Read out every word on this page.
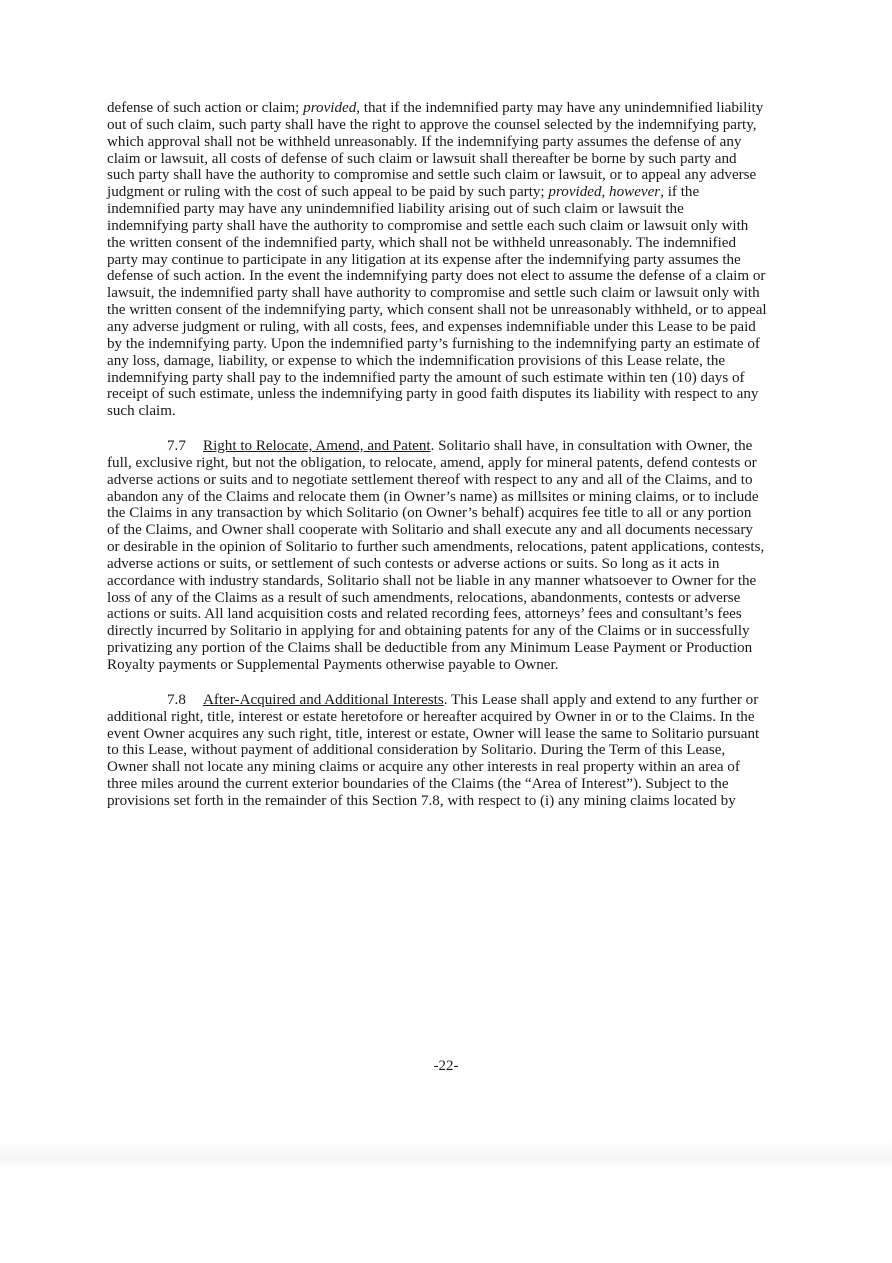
defense of such action or claim; provided, that if the indemnified party may have any unindemnified liability out of such claim, such party shall have the right to approve the counsel selected by the indemnifying party, which approval shall not be withheld unreasonably. If the indemnifying party assumes the defense of any claim or lawsuit, all costs of defense of such claim or lawsuit shall thereafter be borne by such party and such party shall have the authority to compromise and settle such claim or lawsuit, or to appeal any adverse judgment or ruling with the cost of such appeal to be paid by such party; provided, however, if the indemnified party may have any unindemnified liability arising out of such claim or lawsuit the indemnifying party shall have the authority to compromise and settle each such claim or lawsuit only with the written consent of the indemnified party, which shall not be withheld unreasonably. The indemnified party may continue to participate in any litigation at its expense after the indemnifying party assumes the defense of such action. In the event the indemnifying party does not elect to assume the defense of a claim or lawsuit, the indemnified party shall have authority to compromise and settle such claim or lawsuit only with the written consent of the indemnifying party, which consent shall not be unreasonably withheld, or to appeal any adverse judgment or ruling, with all costs, fees, and expenses indemnifiable under this Lease to be paid by the indemnifying party. Upon the indemnified party’s furnishing to the indemnifying party an estimate of any loss, damage, liability, or expense to which the indemnification provisions of this Lease relate, the indemnifying party shall pay to the indemnified party the amount of such estimate within ten (10) days of receipt of such estimate, unless the indemnifying party in good faith disputes its liability with respect to any such claim.

7.7 Right to Relocate, Amend, and Patent. Solitario shall have, in consultation with Owner, the full, exclusive right, but not the obligation, to relocate, amend, apply for mineral patents, defend contests or adverse actions or suits and to negotiate settlement thereof with respect to any and all of the Claims, and to abandon any of the Claims and relocate them (in Owner’s name) as millsites or mining claims, or to include the Claims in any transaction by which Solitario (on Owner’s behalf) acquires fee title to all or any portion of the Claims, and Owner shall cooperate with Solitario and shall execute any and all documents necessary or desirable in the opinion of Solitario to further such amendments, relocations, patent applications, contests, adverse actions or suits, or settlement of such contests or adverse actions or suits. So long as it acts in accordance with industry standards, Solitario shall not be liable in any manner whatsoever to Owner for the loss of any of the Claims as a result of such amendments, relocations, abandonments, contests or adverse actions or suits. All land acquisition costs and related recording fees, attorneys’ fees and consultant’s fees directly incurred by Solitario in applying for and obtaining patents for any of the Claims or in successfully privatizing any portion of the Claims shall be deductible from any Minimum Lease Payment or Production Royalty payments or Supplemental Payments otherwise payable to Owner.

7.8 After-Acquired and Additional Interests. This Lease shall apply and extend to any further or additional right, title, interest or estate heretofore or hereafter acquired by Owner in or to the Claims. In the event Owner acquires any such right, title, interest or estate, Owner will lease the same to Solitario pursuant to this Lease, without payment of additional consideration by Solitario. During the Term of this Lease, Owner shall not locate any mining claims or acquire any other interests in real property within an area of three miles around the current exterior boundaries of the Claims (the “Area of Interest”). Subject to the provisions set forth in the remainder of this Section 7.8, with respect to (i) any mining claims located by

-22-
